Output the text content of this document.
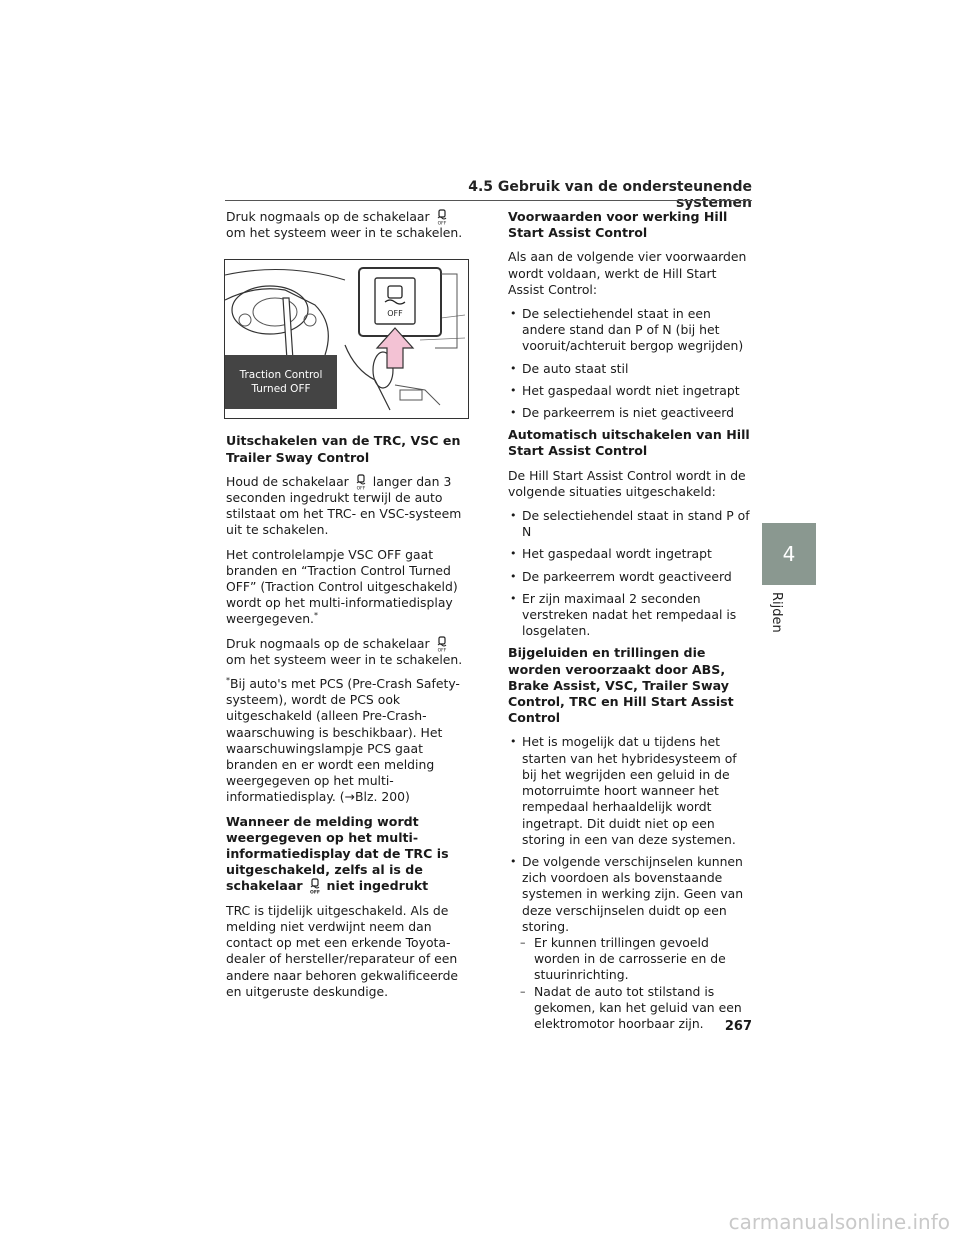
4.5 Gebruik van de ondersteunende systemen

Druk nogmaals op de schakelaar OFF
om het systeem weer in te schakelen.

OFF
Traction Control
Turned OFF
Uitschakelen van de TRC, VSC en Trailer Sway Control

Houd de schakelaar OFF langer dan 3 seconden ingedrukt terwijl de auto stilstaat om het TRC- en VSC-systeem uit te schakelen.

Het controlelampje VSC OFF gaat branden en “Traction Control Turned OFF” (Traction Control uitgeschakeld) wordt op het multi-informatiedisplay weergegeven.*

Druk nogmaals op de schakelaar OFF
om het systeem weer in te schakelen.

*Bij auto's met PCS (Pre-Crash Safety-systeem), wordt de PCS ook uitgeschakeld (alleen Pre-Crash-waarschuwing is beschikbaar). Het waarschuwingslampje PCS gaat branden en er wordt een melding weergegeven op het multi-informatiedisplay. (→Blz. 200)

Wanneer de melding wordt weergegeven op het multi-informatiedisplay dat de TRC is uitgeschakeld, zelfs al is de schakelaar OFF niet ingedrukt

TRC is tijdelijk uitgeschakeld. Als de melding niet verdwijnt neem dan contact op met een erkende Toyota-dealer of hersteller/reparateur of een andere naar behoren gekwalificeerde en uitgeruste deskundige.

Voorwaarden voor werking Hill Start Assist Control

Als aan de volgende vier voorwaarden wordt voldaan, werkt de Hill Start Assist Control:

• De selectiehendel staat in een andere stand dan P of N (bij het vooruit/achteruit bergop wegrijden)
• De auto staat stil
• Het gaspedaal wordt niet ingetrapt
• De parkeerrem is niet geactiveerd
Automatisch uitschakelen van Hill Start Assist Control

De Hill Start Assist Control wordt in de volgende situaties uitgeschakeld:

• De selectiehendel staat in stand P of N
• Het gaspedaal wordt ingetrapt
• De parkeerrem wordt geactiveerd
• Er zijn maximaal 2 seconden verstreken nadat het rempedaal is losgelaten.
Bijgeluiden en trillingen die worden veroorzaakt door ABS, Brake Assist, VSC, Trailer Sway Control, TRC en Hill Start Assist Control
• Het is mogelijk dat u tijdens het starten van het hybridesysteem of bij het wegrijden een geluid in de motorruimte hoort wanneer het rempedaal herhaaldelijk wordt ingetrapt. Dit duidt niet op een storing in een van deze systemen.
• De volgende verschijnselen kunnen zich voordoen als bovenstaande systemen in werking zijn. Geen van deze verschijnselen duidt op een storing.
– Er kunnen trillingen gevoeld worden in de carrosserie en de stuurinrichting.
– Nadat de auto tot stilstand is gekomen, kan het geluid van een elektromotor hoorbaar zijn.
4
Rijden
267
carmanualsonline.info
